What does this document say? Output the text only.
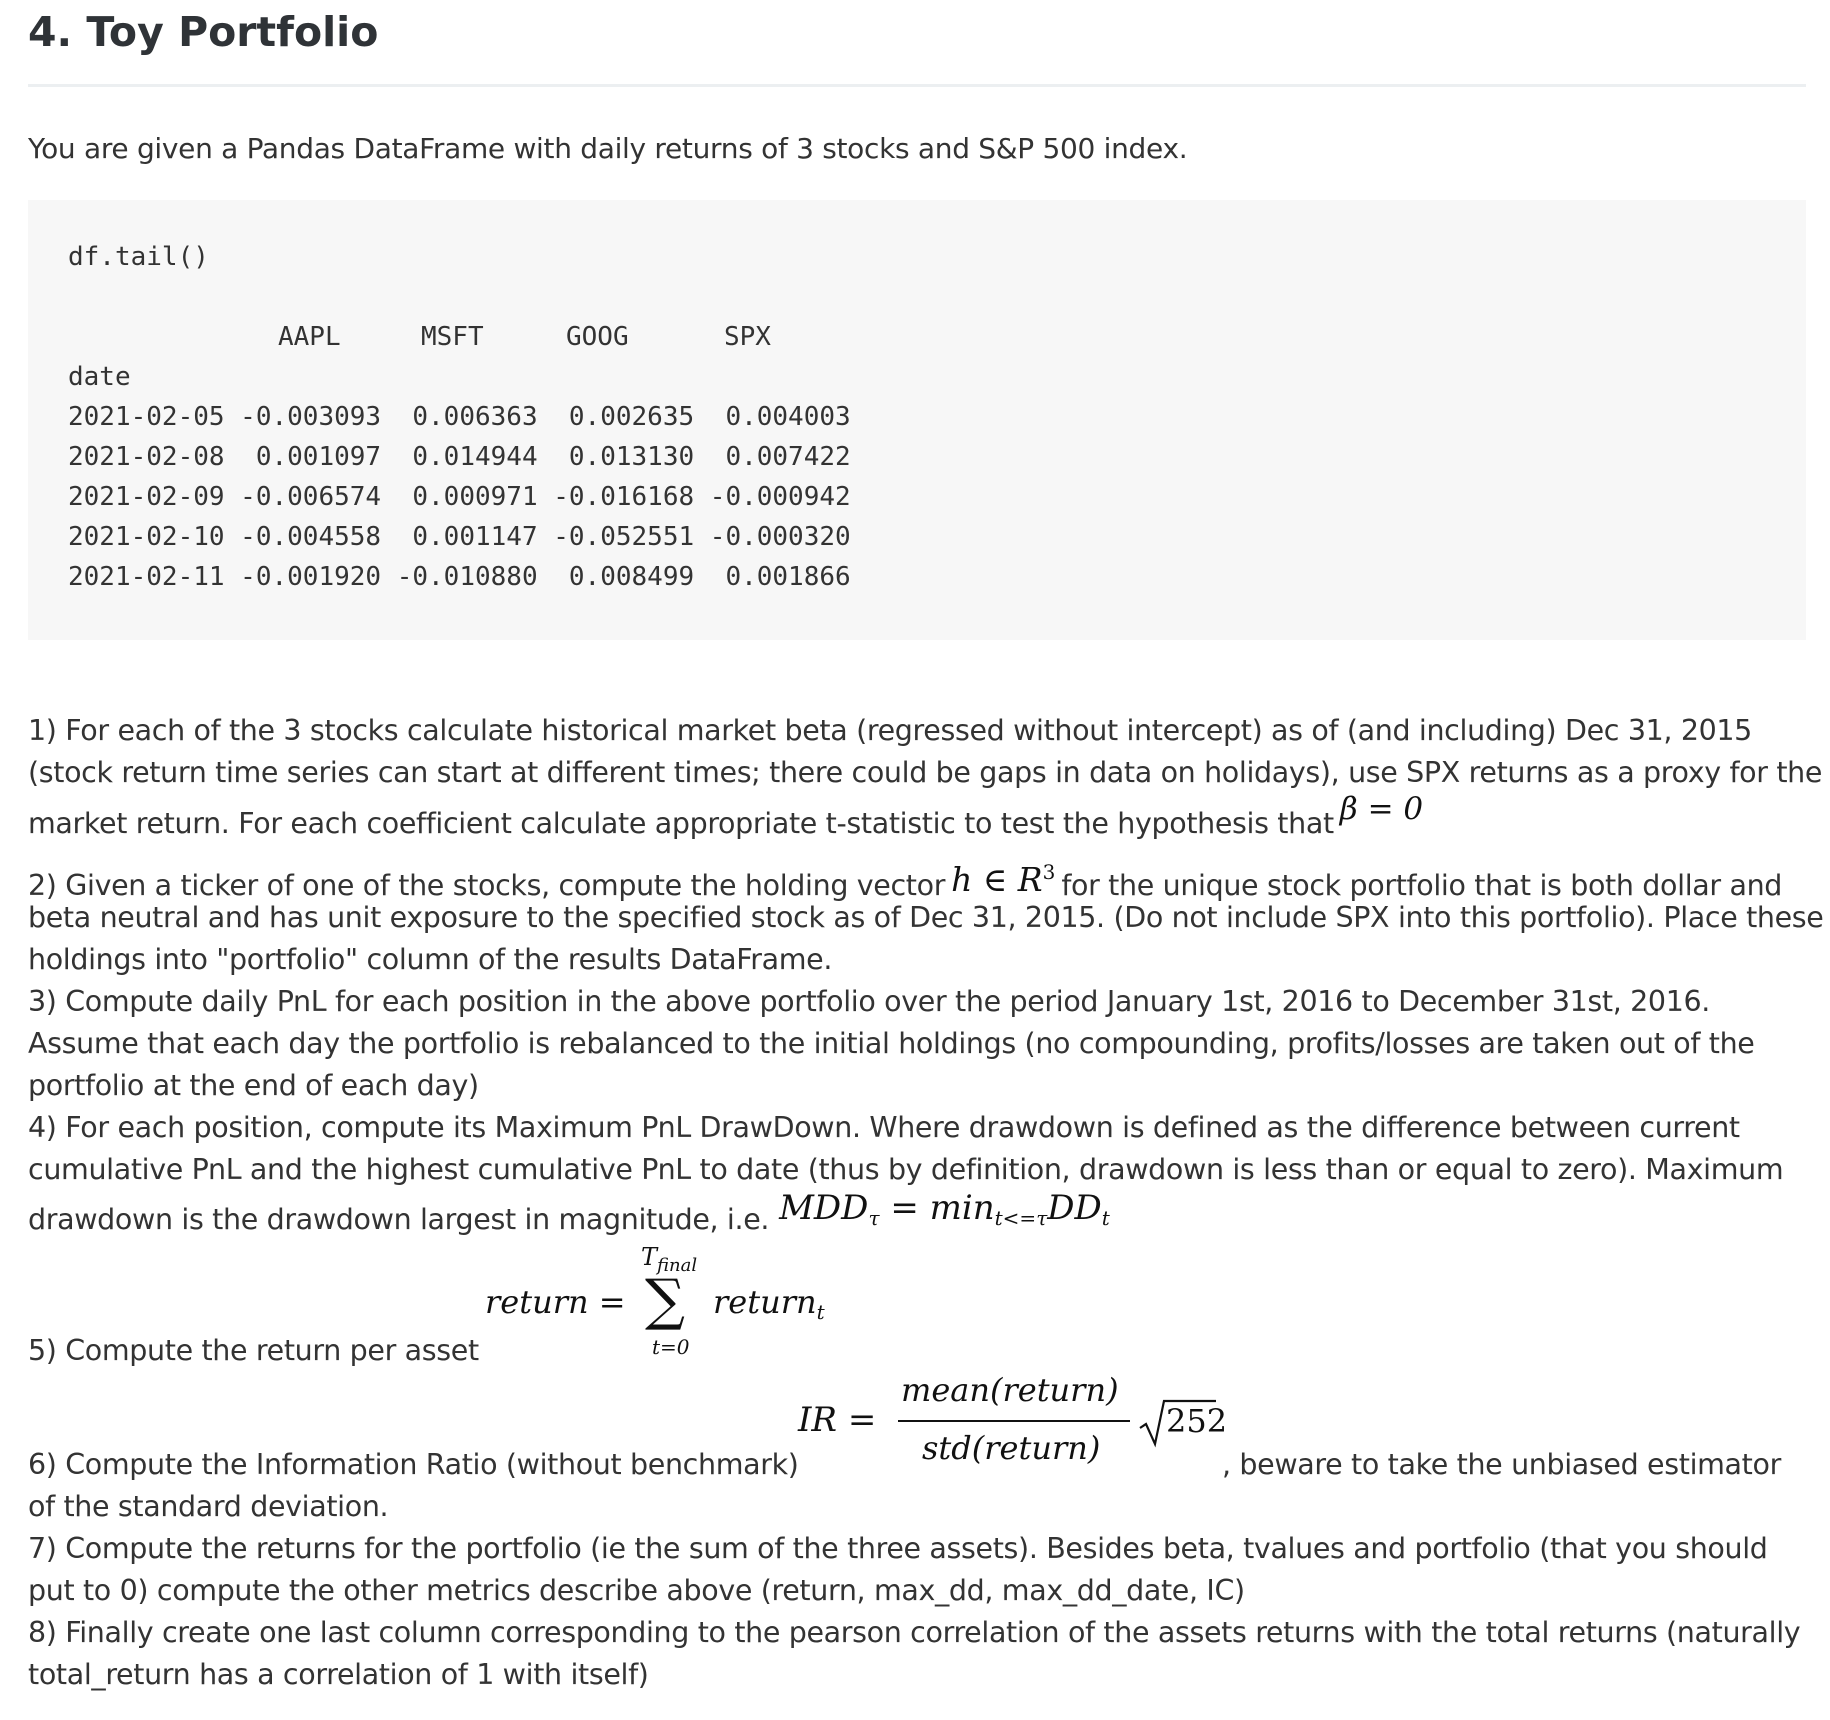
4. Toy Portfolio

You are given a Pandas DataFrame with daily returns of 3 stocks and S&P 500 index.

df.tail()
AAPL	MSFT	GOOG	SPX
date
2021-02-05 -0.003093  0.006363  0.002635  0.004003
2021-02-08  0.001097  0.014944  0.013130  0.007422
2021-02-09 -0.006574  0.000971 -0.016168 -0.000942
2021-02-10 -0.004558  0.001147 -0.052551 -0.000320
2021-02-11 -0.001920 -0.010880  0.008499  0.001866

1) For each of the 3 stocks calculate historical market beta (regressed without intercept) as of (and including) Dec 31, 2015

(stock return time series can start at different times; there could be gaps in data on holidays), use SPX returns as a proxy for the

market return. For each coefficient calculate appropriate t-statistic to test the hypothesis that β = 0

2) Given a ticker of one of the stocks, compute the holding vector h ∈ $R^3$ for the unique stock portfolio that is both dollar and

beta neutral and has unit exposure to the specified stock as of Dec 31, 2015. (Do not include SPX into this portfolio). Place these

holdings into "portfolio" column of the results DataFrame.

3) Compute daily PnL for each position in the above portfolio over the period January 1st, 2016 to December 31st, 2016.

Assume that each day the portfolio is rebalanced to the initial holdings (no compounding, profits/losses are taken out of the

portfolio at the end of each day)

4) For each position, compute its Maximum PnL DrawDown. Where drawdown is defined as the difference between current

cumulative PnL and the highest cumulative PnL to date (thus by definition, drawdown is less than or equal to zero). Maximum

drawdown is the drawdown largest in magnitude, i.e. $MDD_\tau = \min_{t<=\tau}DD_t$

return = ∑
$T_{final}$
t=0
return$_t$

5) Compute the return per asset

IR =
mean(return)
std(return)
252

6) Compute the Information Ratio (without benchmark)	, beware to take the unbiased estimator

of the standard deviation.

7) Compute the returns for the portfolio (ie the sum of the three assets). Besides beta, tvalues and portfolio (that you should

put to 0) compute the other metrics describe above (return, max_dd, max_dd_date, IC)

8) Finally create one last column corresponding to the pearson correlation of the assets returns with the total returns (naturally

total_return has a correlation of 1 with itself)
